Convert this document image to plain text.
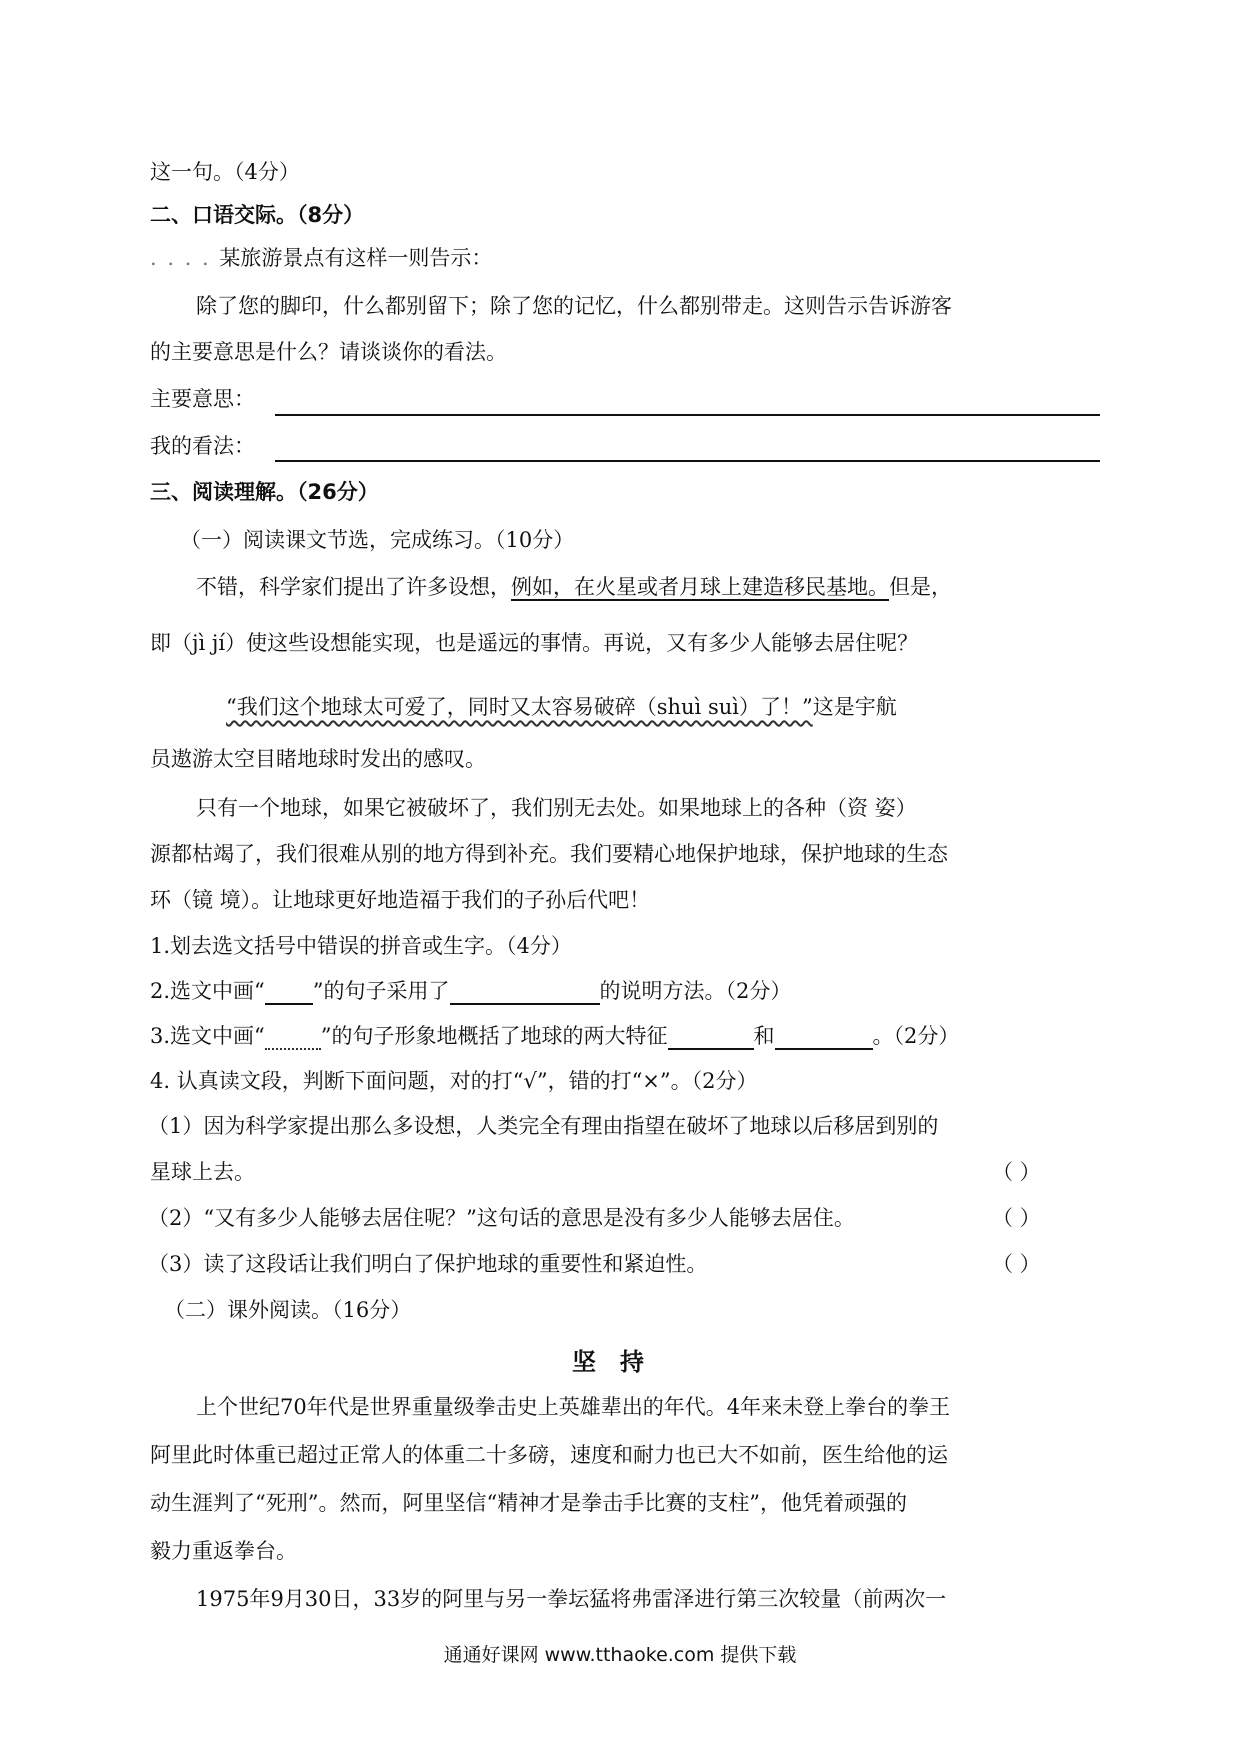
这一句。（4分）
二、口语交际。（8分）
. . . . 某旅游景点有这样一则告示：
除了您的脚印，什么都别留下；除了您的记忆，什么都别带走。这则告示告诉游客
的主要意思是什么？请谈谈你的看法。
主要意思：
我的看法：
三、阅读理解。（26分）
（一）阅读课文节选，完成练习。（10分）
不错，科学家们提出了许多设想，例如，在火星或者月球上建造移民基地。但是，
即（jì jí）使这些设想能实现，也是遥远的事情。再说，又有多少人能够去居住呢？
“我们这个地球太可爱了，同时又太容易破碎（shuì suì）了！”这是宇航
员遨游太空目睹地球时发出的感叹。
只有一个地球，如果它被破坏了，我们别无去处。如果地球上的各种（资 姿）
源都枯竭了，我们很难从别的地方得到补充。我们要精心地保护地球，保护地球的生态
环（镜 境）。让地球更好地造福于我们的子孙后代吧！
1.划去选文括号中错误的拼音或生字。（4分）
2.选文中画“ ”的句子采用了	的说明方法。（2分）
3.选文中画“	”的句子形象地概括了地球的两大特征	和	。（2分）
4. 认真读文段，判断下面问题，对的打“√”，错的打“×”。（2分）
（1）因为科学家提出那么多设想，人类完全有理由指望在破坏了地球以后移居到别的
星球上去。	（ ）
（2）“又有多少人能够去居住呢？”这句话的意思是没有多少人能够去居住。	（ ）
（3）读了这段话让我们明白了保护地球的重要性和紧迫性。	（ ）
（二）课外阅读。（16分）
坚持
上个世纪70年代是世界重量级拳击史上英雄辈出的年代。4年来未登上拳台的拳王
阿里此时体重已超过正常人的体重二十多磅，速度和耐力也已大不如前，医生给他的运
动生涯判了“死刑”。然而，阿里坚信“精神才是拳击手比赛的支柱”，他凭着顽强的
毅力重返拳台。
1975年9月30日，33岁的阿里与另一拳坛猛将弗雷泽进行第三次较量（前两次一
通通好课网 www.tthaoke.com 提供下载
